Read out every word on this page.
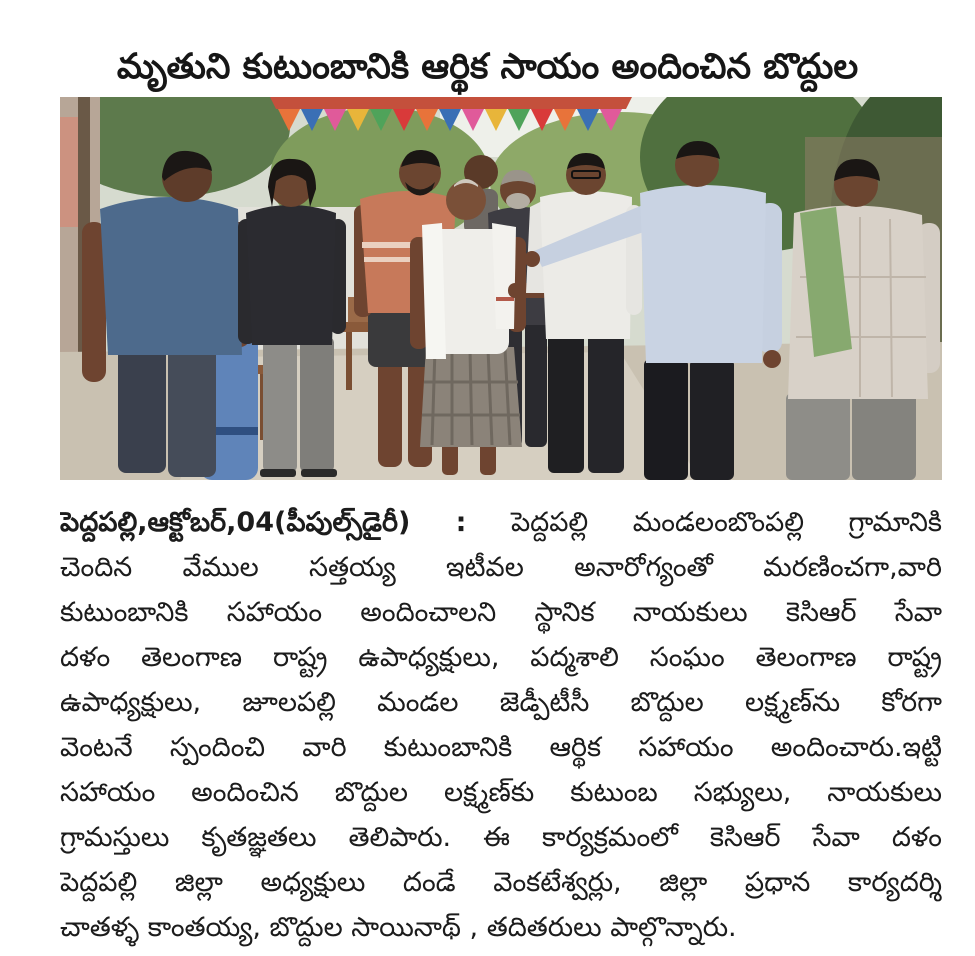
మృతుని కుటుంబానికి ఆర్థిక సాయం అందించిన బొద్దుల

పెద్దపల్లి,ఆక్టోబర్,04(పీపుల్స్‌డైరీ) : పెద్దపల్లి మండలంబొంపల్లి గ్రామానికి

చెందిన వేముల సత్తయ్య ఇటీవల అనారోగ్యంతో మరణించగా,వారి

కుటుంబానికి సహాయం అందించాలని స్థానిక నాయకులు కెసిఆర్ సేవా

దళం తెలంగాణ రాష్ట్ర ఉపాధ్యక్షులు, పద్మశాలి సంఘం తెలంగాణ రాష్ట్ర

ఉపాధ్యక్షులు, జూలపల్లి మండల జెడ్పీటీసీ బొద్దుల లక్ష్మణ్‌ను కోరగా

వెంటనే స్పందించి వారి కుటుంబానికి ఆర్థిక సహాయం అందించారు.ఇట్టి

సహాయం అందించిన బొద్దుల లక్ష్మణ్‌కు కుటుంబ సభ్యులు, నాయకులు

గ్రామస్తులు కృతజ్ఞతలు తెలిపారు. ఈ కార్యక్రమంలో కెసిఆర్ సేవా దళం

పెద్దపల్లి జిల్లా అధ్యక్షులు దండే వెంకటేశ్వర్లు, జిల్లా ప్రధాన కార్యదర్శి

చాతళ్ళ కాంతయ్య, బొద్దుల సాయినాథ్ , తదితరులు పాల్గొన్నారు.
